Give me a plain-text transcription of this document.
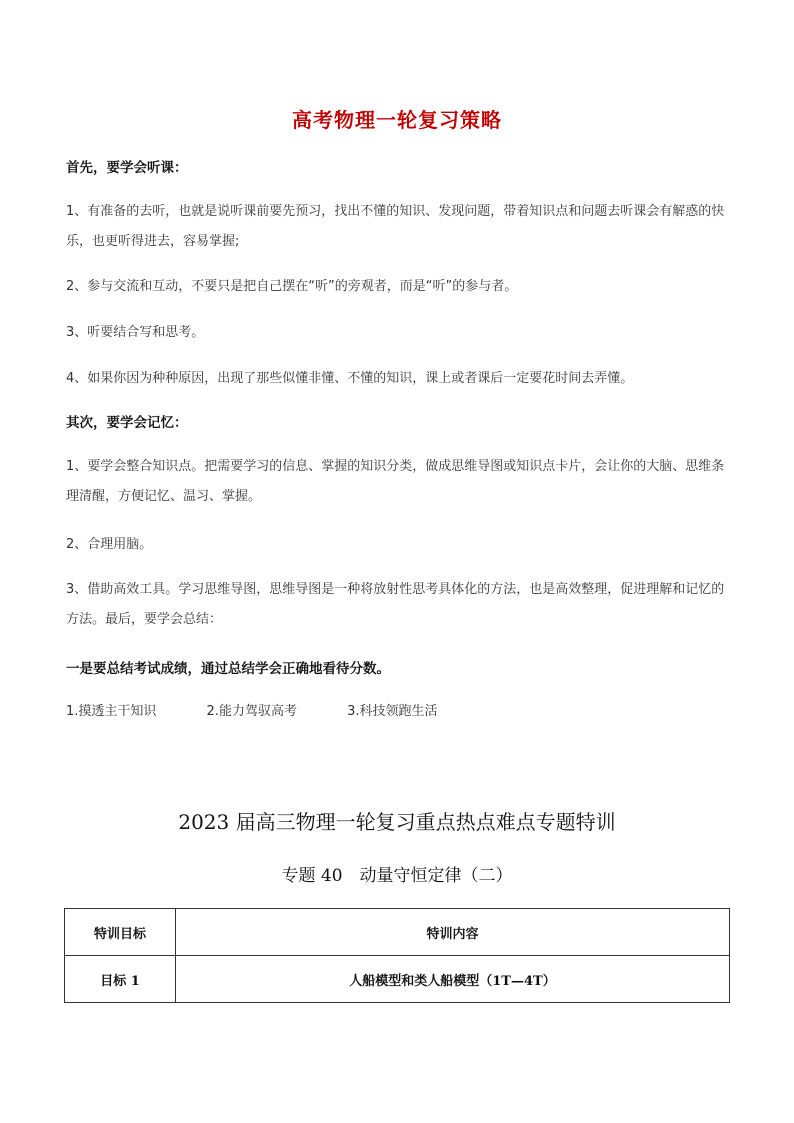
高考物理一轮复习策略
首先，要学会听课：
1、有准备的去听，也就是说听课前要先预习，找出不懂的知识、发现问题，带着知识点和问题去听课会有解惑的快乐，也更听得进去，容易掌握;
2、参与交流和互动，不要只是把自己摆在“听”的旁观者，而是“听”的参与者。
3、听要结合写和思考。
4、如果你因为种种原因，出现了那些似懂非懂、不懂的知识，课上或者课后一定要花时间去弄懂。
其次，要学会记忆：
1、要学会整合知识点。把需要学习的信息、掌握的知识分类，做成思维导图或知识点卡片，会让你的大脑、思维条理清醒，方便记忆、温习、掌握。
2、合理用脑。
3、借助高效工具。学习思维导图，思维导图是一种将放射性思考具体化的方法，也是高效整理，促进理解和记忆的方法。最后，要学会总结：
一是要总结考试成绩，通过总结学会正确地看待分数。
1.摸透主干知识	2.能力驾驭高考	3.科技领跑生活
2023 届高三物理一轮复习重点热点难点专题特训
专题 40　动量守恒定律（二）
特训目标	特训内容
目标 1	人船模型和类人船模型（1T—4T）
